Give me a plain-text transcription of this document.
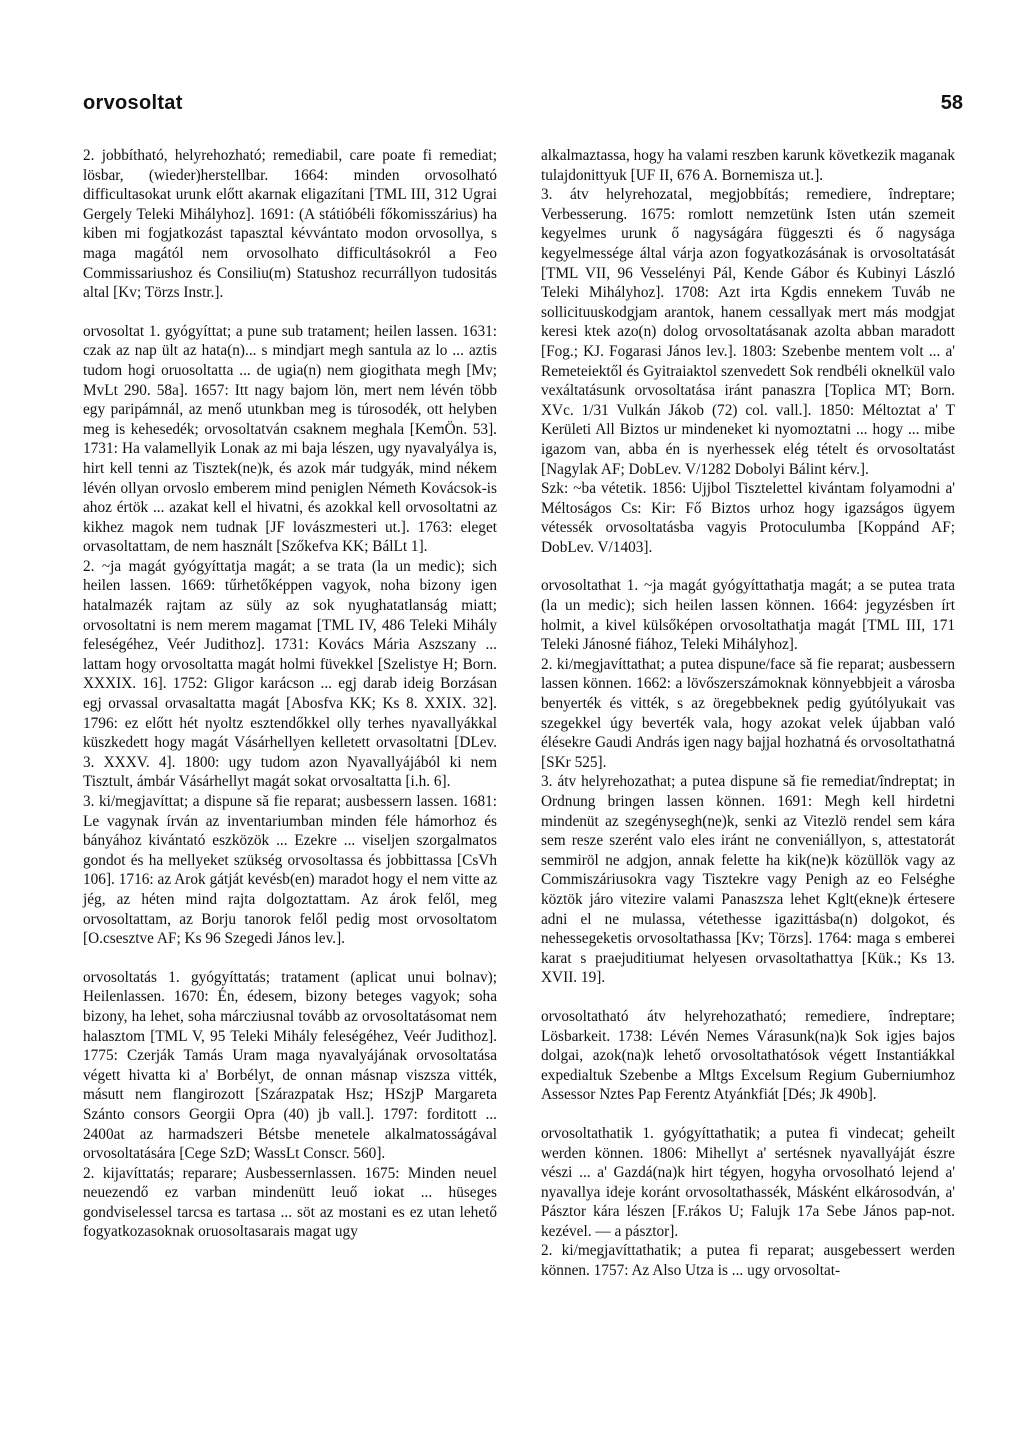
orvosoltat	58

2. jobbítható, helyrehozható; remediabil, care poate fi remediat; lösbar, (wieder)herstellbar. 1664: minden orvosolható difficultasokat urunk előtt akarnak eligazítani [TML III, 312 Ugrai Gergely Teleki Mihályhoz]. 1691: (A státióbéli főkomisszárius) ha kiben mi fogjatkozást tapasztal kévvántato modon orvosollya, s maga magától nem orvosolhato difficultásokról a Feo Commissariushoz és Consiliu(m) Statushoz recurrállyon tudositás altal [Kv; Törzs Instr.].

orvosoltat 1. gyógyíttat; a pune sub tratament; heilen lassen. 1631: czak az nap ült az hata(n)... s mindjart megh santula az lo ... aztis tudom hogi oruosoltatta ... de ugia(n) nem giogithata megh [Mv; MvLt 290. 58a]. 1657: Itt nagy bajom lön, mert nem lévén több egy paripámnál, az menő utunkban meg is túrosodék, ott helyben meg is kehesedék; orvosoltatván csaknem meghala [KemÖn. 53]. 1731: Ha valamellyik Lonak az mi baja lészen, ugy nyavalyálya is, hirt kell tenni az Tisztek(ne)k, és azok már tudgyák, mind nékem lévén ollyan orvoslo emberem mind peniglen Németh Kovácsok-is ahoz értök ... azakat kell el hivatni, és azokkal kell orvosoltatni az kikhez magok nem tudnak [JF lovászmesteri ut.]. 1763: eleget orvasoltattam, de nem használt [Szőkefva KK; BálLt 1].

2. ~ja magát gyógyíttatja magát; a se trata (la un medic); sich heilen lassen. 1669: tűrhetőképpen vagyok, noha bizony igen hatalmazék rajtam az süly az sok nyughatatlanság miatt; orvosoltatni is nem merem magamat [TML IV, 486 Teleki Mihály feleségéhez, Veér Judithoz]. 1731: Kovács Mária Aszszany ... lattam hogy orvosoltatta magát holmi füvekkel [Szelistye H; Born. XXXIX. 16]. 1752: Gligor karácson ... egj darab ideig Borzásan egj orvassal orvasaltatta magát [Abosfva KK; Ks 8. XXIX. 32]. 1796: ez előtt hét nyoltz esztendőkkel olly terhes nyavallyákkal küszkedett hogy magát Vásárhellyen kelletett orvasoltatni [DLev. 3. XXXV. 4]. 1800: ugy tudom azon Nyavallyájából ki nem Tisztult, ámbár Vásárhellyt magát sokat orvosaltatta [i.h. 6].

3. ki/megjavíttat; a dispune să fie reparat; ausbessern lassen. 1681: Le vagynak írván az inventariumban minden féle hámorhoz és bányához kivántató eszközök ... Ezekre ... viseljen szorgalmatos gondot és ha mellyeket szükség orvosoltassa és jobbittassa [CsVh 106]. 1716: az Arok gátját kevésb(en) maradot hogy el nem vitte az jég, az héten mind rajta dolgoztattam. Az árok felől, meg orvosoltattam, az Borju tanorok felől pedig most orvosoltatom [O.csesztve AF; Ks 96 Szegedi János lev.].

orvosoltatás 1. gyógyíttatás; tratament (aplicat unui bolnav); Heilenlassen. 1670: Én, édesem, bizony beteges vagyok; soha bizony, ha lehet, soha márcziusnal tovább az orvosoltatásomat nem halasztom [TML V, 95 Teleki Mihály feleségéhez, Veér Judithoz]. 1775: Czerják Tamás Uram maga nyavalyájának orvosoltatása végett hivatta ki a' Borbélyt, de onnan másnap viszsza vitték, másutt nem flangirozott [Szárazpatak Hsz; HSzjP Margareta Szánto consors Georgii Opra (40) jb vall.]. 1797: forditott ... 2400at az harmadszeri Bétsbe menetele alkalmatosságával orvosoltatására [Cege SzD; WassLt Conscr. 560].

2. kijavíttatás; reparare; Ausbessernlassen. 1675: Minden neuel neuezendő ez varban mindenütt leuő iokat ... hüseges gondviselessel tarcsa es tartasa ... söt az mostani es ez utan lehető fogyatkozasoknak oruosoltasarais magat ugy

alkalmaztassa, hogy ha valami reszben karunk következik maganak tulajdonittyuk [UF II, 676 A. Bornemisza ut.].

3. átv helyrehozatal, megjobbítás; remediere, îndreptare; Verbesserung. 1675: romlott nemzetünk Isten után szemeit kegyelmes urunk ő nagyságára függeszti és ő nagysága kegyelmessége által várja azon fogyatkozásának is orvosoltatását [TML VII, 96 Vesselényi Pál, Kende Gábor és Kubinyi László Teleki Mihályhoz]. 1708: Azt irta Kgdis ennekem Tuváb ne sollicituuskodgjam arantok, hanem cessallyak mert más modgjat keresi ktek azo(n) dolog orvosoltatásanak azolta abban maradott [Fog.; KJ. Fogarasi János lev.]. 1803: Szebenbe mentem volt ... a' Remeteiektől és Gyitraiaktol szenvedett Sok rendbéli oknelkül valo vexáltatásunk orvosoltatása iránt panaszra [Toplica MT; Born. XVc. 1/31 Vulkán Jákob (72) col. vall.]. 1850: Méltoztat a' T Kerületi All Biztos ur mindeneket ki nyomoztatni ... hogy ... mibe igazom van, abba én is nyerhessek elég tételt és orvosoltatást [Nagylak AF; DobLev. V/1282 Dobolyi Bálint kérv.].

Szk: ~ba vétetik. 1856: Ujjbol Tisztelettel kivántam folyamodni a' Méltoságos Cs: Kir: Fő Biztos urhoz hogy igazságos ügyem vétessék orvosoltatásba vagyis Protoculumba [Koppánd AF; DobLev. V/1403].

orvosoltathat 1. ~ja magát gyógyíttathatja magát; a se putea trata (la un medic); sich heilen lassen können. 1664: jegyzésben írt holmit, a kivel külsőképen orvosoltathatja magát [TML III, 171 Teleki Jánosné fiához, Teleki Mihályhoz].

2. ki/megjavíttathat; a putea dispune/face să fie reparat; ausbessern lassen können. 1662: a lövőszerszámoknak könnyebbjeit a városba benyerték és vitték, s az öregebbeknek pedig gyútólyukait vas szegekkel úgy beverték vala, hogy azokat velek újabban való élésekre Gaudi András igen nagy bajjal hozhatná és orvosoltathatná [SKr 525].

3. átv helyrehozathat; a putea dispune să fie remediat/îndreptat; in Ordnung bringen lassen können. 1691: Megh kell hirdetni mindenüt az szegénysegh(ne)k, senki az Vitezlö rendel sem kára sem resze szerént valo eles iránt ne conveniállyon, s, attestatorát semmiröl ne adgjon, annak felette ha kik(ne)k közüllök vagy az Commiszáriusokra vagy Tisztekre vagy Penigh az eo Felséghe köztök járo vitezire valami Panaszsza lehet Kglt(ekne)k értesere adni el ne mulassa, vétethesse igazittásba(n) dolgokot, és nehessegeketis orvosoltathassa [Kv; Törzs]. 1764: maga s emberei karat s praejuditiumat helyesen orvasoltathattya [Kük.; Ks 13. XVII. 19].

orvosoltatható átv helyrehozatható; remediere, îndreptare; Lösbarkeit. 1738: Lévén Nemes Várasunk(na)k Sok igjes bajos dolgai, azok(na)k lehető orvosoltathatósok végett Instantiákkal expedialtuk Szebenbe a Mltgs Excelsum Regium Guberniumhoz Assessor Nztes Pap Ferentz Atyánkfiát [Dés; Jk 490b].

orvosoltathatik 1. gyógyíttathatik; a putea fi vindecat; geheilt werden können. 1806: Mihellyt a' sertésnek nyavallyáját észre vészi ... a' Gazdá(na)k hirt tégyen, hogyha orvosolható lejend a' nyavallya ideje koránt orvosoltathassék, Másként elkárosodván, a' Pásztor kára lészen [F.rákos U; Falujk 17a Sebe János pap-not. kezével. — a pásztor].

2. ki/megjavíttathatik; a putea fi reparat; ausgebessert werden können. 1757: Az Also Utza is ... ugy orvosoltat-
